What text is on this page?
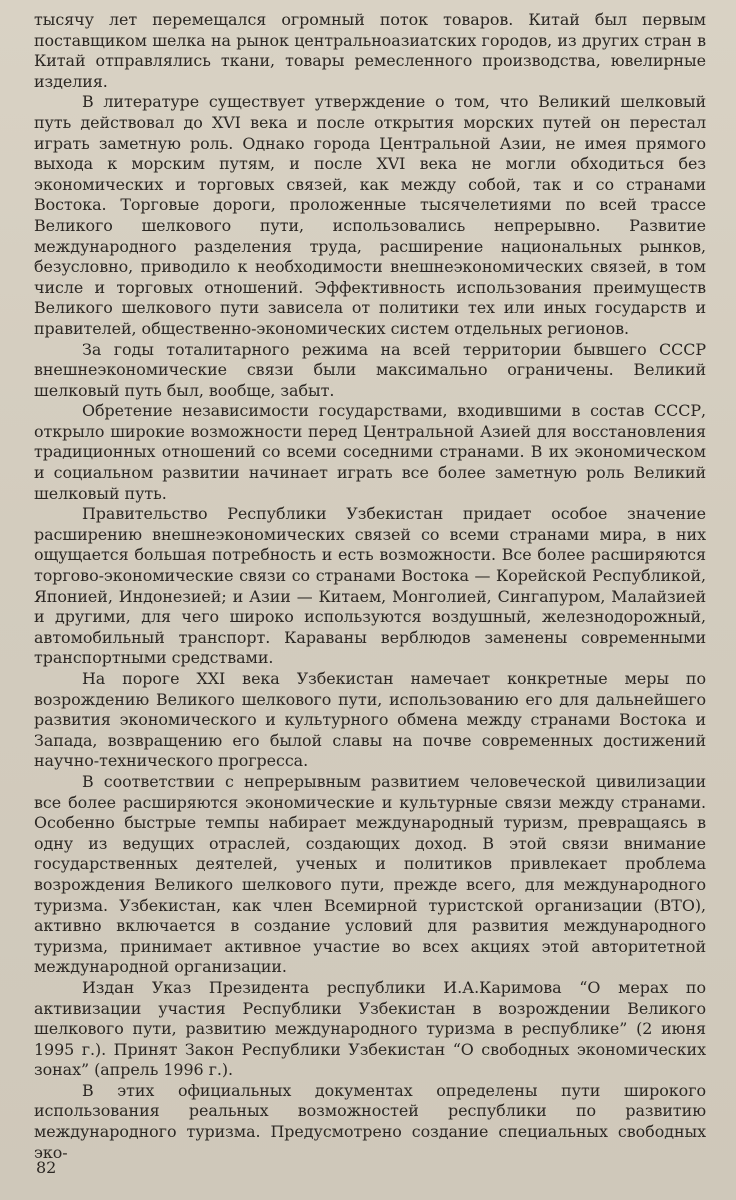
тысячу лет перемещался огромный поток товаров. Китай был первым поставщиком шелка на рынок центральноазиатских городов, из других стран в Китай отправлялись ткани, товары ремесленного производства, ювелирные изделия.

В литературе существует утверждение о том, что Великий шелковый путь действовал до XVI века и после открытия морских путей он перестал играть заметную роль. Однако города Центральной Азии, не имея прямого выхода к морским путям, и после XVI века не могли обходиться без экономических и торговых связей, как между собой, так и со странами Востока. Торговые дороги, проложенные тысячелетиями по всей трассе Великого шелкового пути, использовались непрерывно. Развитие международного разделения труда, расширение национальных рынков, безусловно, приводило к необходимости внешнеэкономических связей, в том числе и торговых отношений. Эффективность использования преимуществ Великого шелкового пути зависела от политики тех или иных государств и правителей, общественно-экономических систем отдельных регионов.

За годы тоталитарного режима на всей территории бывшего СССР внешнеэкономические связи были максимально ограничены. Великий шелковый путь был, вообще, забыт.

Обретение независимости государствами, входившими в состав СССР, открыло широкие возможности перед Центральной Азией для восстановления традиционных отношений со всеми соседними странами. В их экономическом и социальном развитии начинает играть все более заметную роль Великий шелковый путь.

Правительство Республики Узбекистан придает особое значение расширению внешнеэкономических связей со всеми странами мира, в них ощущается большая потребность и есть возможности. Все более расширяются торгово-экономические связи со странами Востока — Корейской Республикой, Японией, Индонезией; и Азии — Китаем, Монголией, Сингапуром, Малайзией и другими, для чего широко используются воздушный, железнодорожный, автомобильный транспорт. Караваны верблюдов заменены современными транспортными средствами.

На пороге XXI века Узбекистан намечает конкретные меры по возрождению Великого шелкового пути, использованию его для дальнейшего развития экономического и культурного обмена между странами Востока и Запада, возвращению его былой славы на почве современных достижений научно-технического прогресса.

В соответствии с непрерывным развитием человеческой цивилизации все более расширяются экономические и культурные связи между странами. Особенно быстрые темпы набирает международный туризм, превращаясь в одну из ведущих отраслей, создающих доход. В этой связи внимание государственных деятелей, ученых и политиков привлекает проблема возрождения Великого шелкового пути, прежде всего, для международного туризма. Узбекистан, как член Всемирной туристской организации (ВТО), активно включается в создание условий для развития международного туризма, принимает активное участие во всех акциях этой авторитетной международной организации.

Издан Указ Президента республики И.А.Каримова “О мерах по активизации участия Республики Узбекистан в возрождении Великого шелкового пути, развитию международного туризма в республике” (2 июня 1995 г.). Принят Закон Республики Узбекистан “О свободных экономических зонах” (апрель 1996 г.).

В этих официальных документах определены пути широкого использования реальных возможностей республики по развитию международного туризма. Предусмотрено создание специальных свободных эко-

82
